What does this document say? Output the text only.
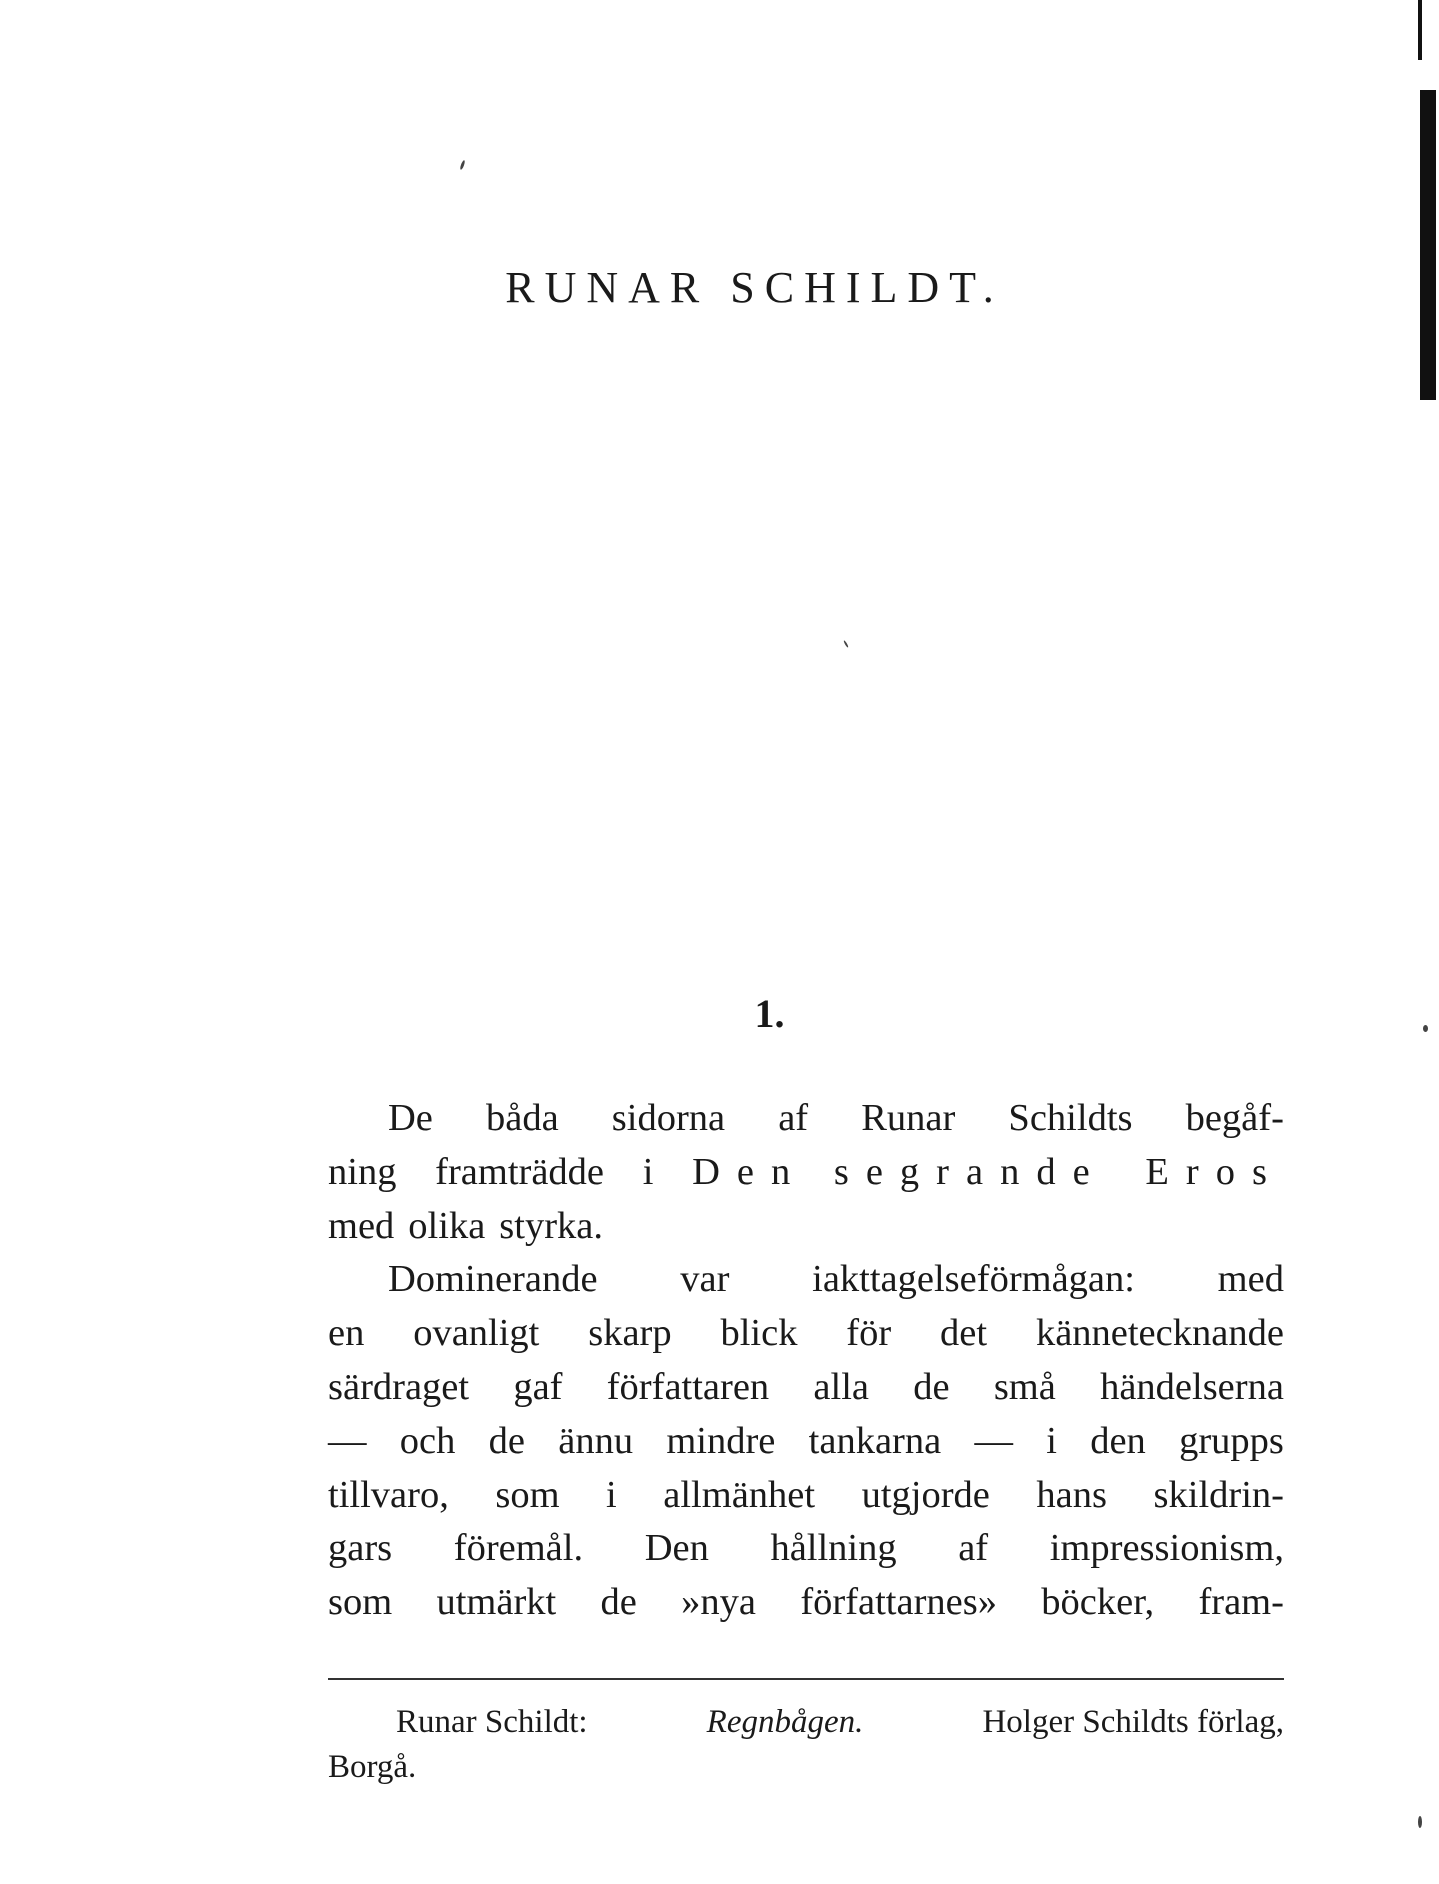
RUNAR SCHILDT.
1.
De båda sidorna af Runar Schildts begåf-
ning framträdde i Den segrande Eros
med olika styrka.
Dominerande var iakttagelseförmågan: med
en ovanligt skarp blick för det kännetecknande
särdraget gaf författaren alla de små händelserna
— och de ännu mindre tankarna — i den grupps
tillvaro, som i allmänhet utgjorde hans skildrin-
gars föremål. Den hållning af impressionism,
som utmärkt de »nya författarnes» böcker, fram-
Runar Schildt:	Regnbågen.	Holger Schildts förlag,
Borgå.
